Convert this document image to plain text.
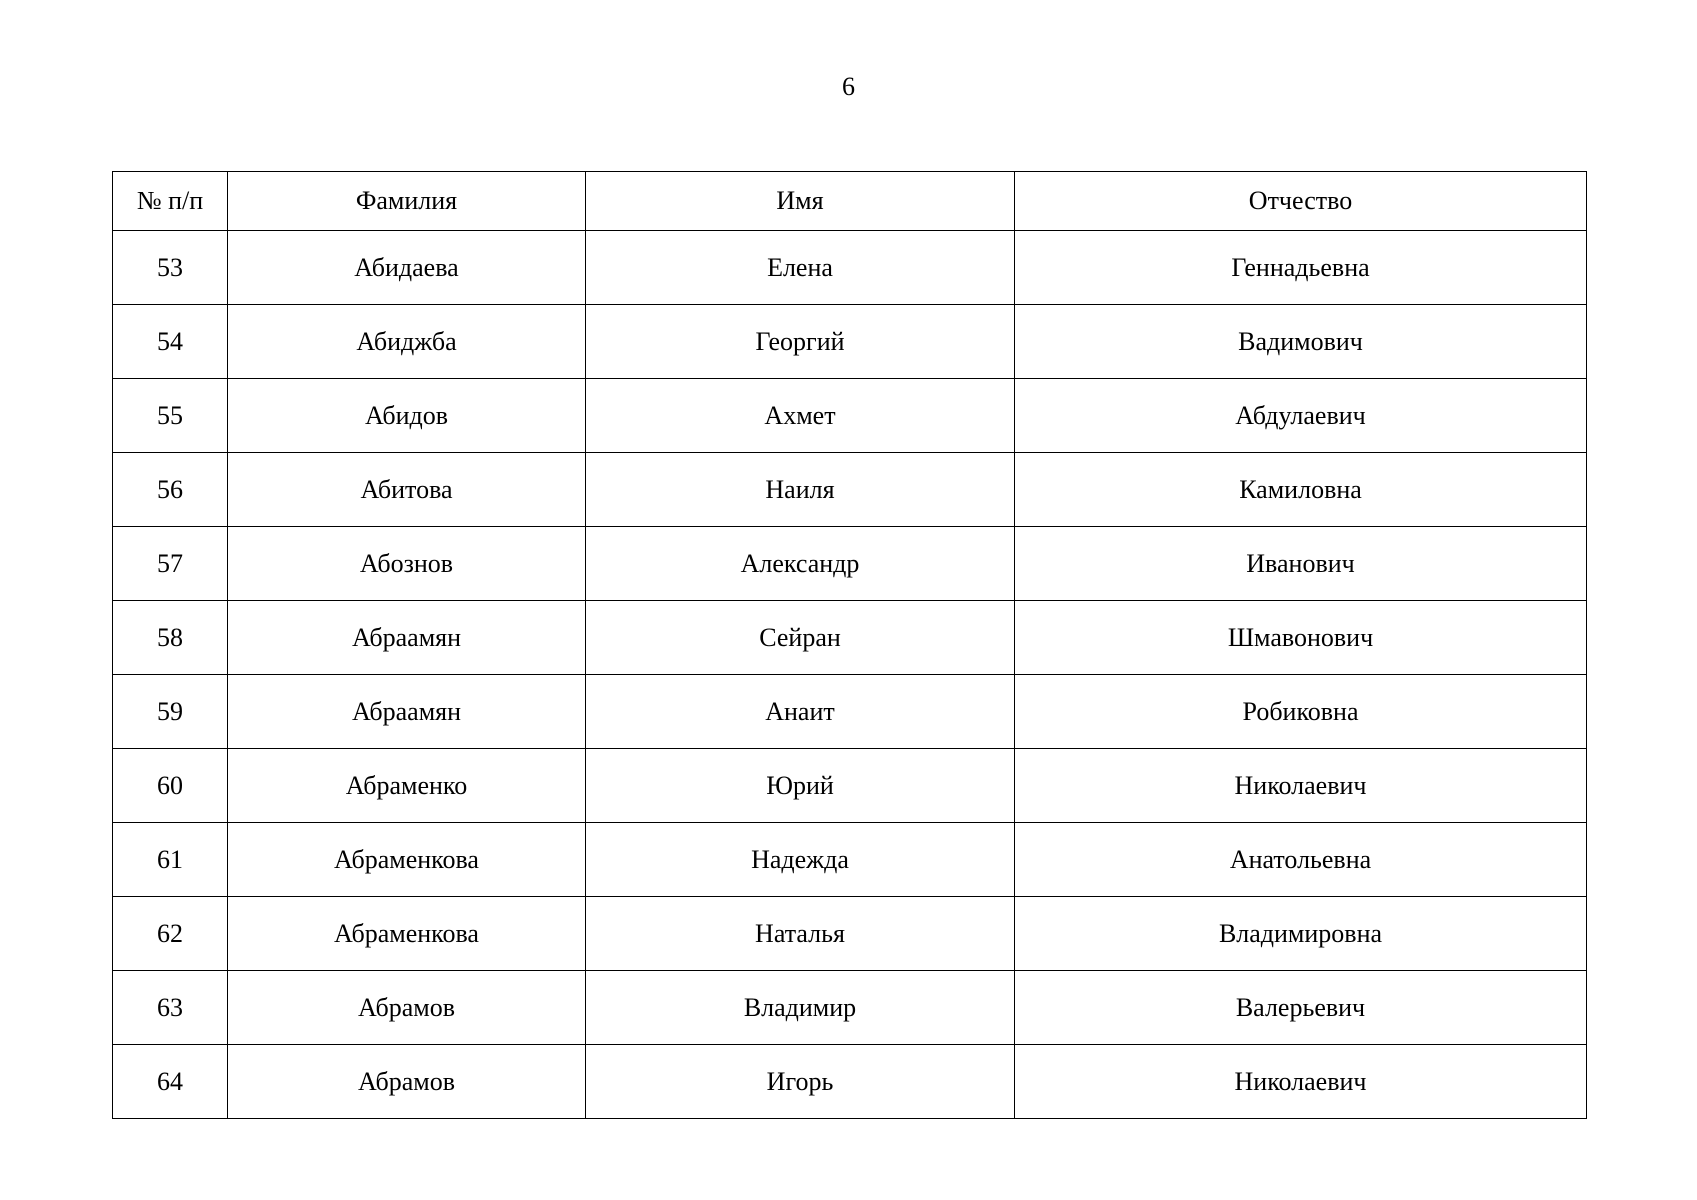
6
№ п/п	Фамилия	Имя	Отчество
53	Абидаева	Елена	Геннадьевна
54	Абиджба	Георгий	Вадимович
55	Абидов	Ахмет	Абдулаевич
56	Абитова	Наиля	Камиловна
57	Абознов	Александр	Иванович
58	Абраамян	Сейран	Шмавонович
59	Абраамян	Анаит	Робиковна
60	Абраменко	Юрий	Николаевич
61	Абраменкова	Надежда	Анатольевна
62	Абраменкова	Наталья	Владимировна
63	Абрамов	Владимир	Валерьевич
64	Абрамов	Игорь	Николаевич
